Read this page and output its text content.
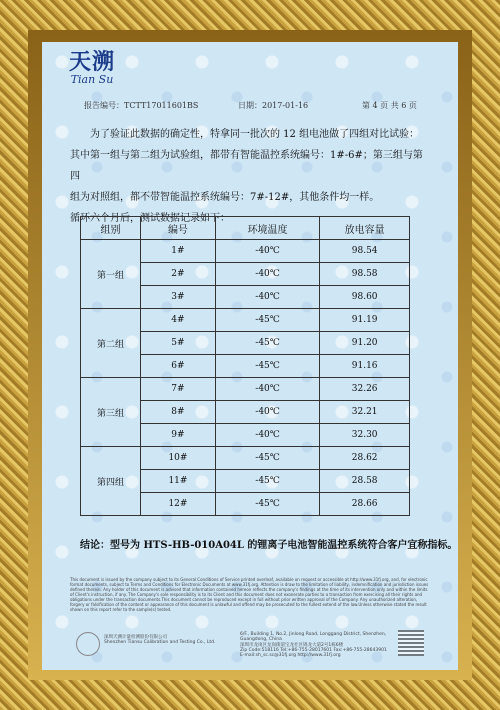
天溯
Tian Su
报告编号：TCTT17011601BS	日期：2017-01-16	第 4 页 共 6 页

为了验证此数据的确定性，特拿同一批次的 12 组电池做了四组对比试验：

其中第一组与第二组为试验组，都带有智能温控系统编号：1#-6#；第三组与第四

组为对照组，都不带智能温控系统编号：7#-12#，其他条件均一样。

循环六个月后，测试数据记录如下：

组别	编号	环境温度	放电容量
第一组	1#	-40℃	98.54
	2#	-40℃	98.58
	3#	-40℃	98.60
第二组	4#	-45℃	91.19
	5#	-45℃	91.20
	6#	-45℃	91.16
第三组	7#	-40℃	32.26
	8#	-40℃	32.21
	9#	-40℃	32.30
第四组	10#	-45℃	28.62
	11#	-45℃	28.58
	12#	-45℃	28.66
结论：型号为 HTS-HB-010A04L 的锂离子电池智能温控系统符合客户宜称指标。
This document is issued by the company subject to its General Conditions of Service printed overleaf, available on request or accessible at http://www.31fj.org, and, for electronic format documents, subject to Terms and Conditions for Electronic Documents at www.31fj.org. Attention is draw to the limitation of liability, indemnification and jurisdiction issues defined therein. Any holder of this document is advised that information contained hereon reflects the company's findings at the time of its intervention only and within the limits of Client's instruction, if any. The Company's sole responsibility is to its Client and this document does not exonerate parties to a transaction from exercising all their rights and obligations under the transaction documents.This document cannot be reproduced except in full without prior written approval of the Company. Any unauthorized alteration, forgery or falsification of the content or appearance of this document is unlawful and offend may be prosecuted to the fullest extend of the law.Unless otherwise stated the result shown on this report refer to the sample(s) tested.
深圳天溯计量检测股份有限公司
Shenzhen Tiansu Calibration and Testing Co., Ltd.
6/F., Building 1, No.2, Jinlong Road, Longgang District, Shenzhen, Guangdong, China
深圳市龙岗区龙岗街道宝龙社区锦龙大道2号1栋6楼
Zip Code:518116 Tel:+86-755-28017601 Fax:+86-755-28643901
E-mail:sh_sc.sc@31fj.org http://www.31fj.org
